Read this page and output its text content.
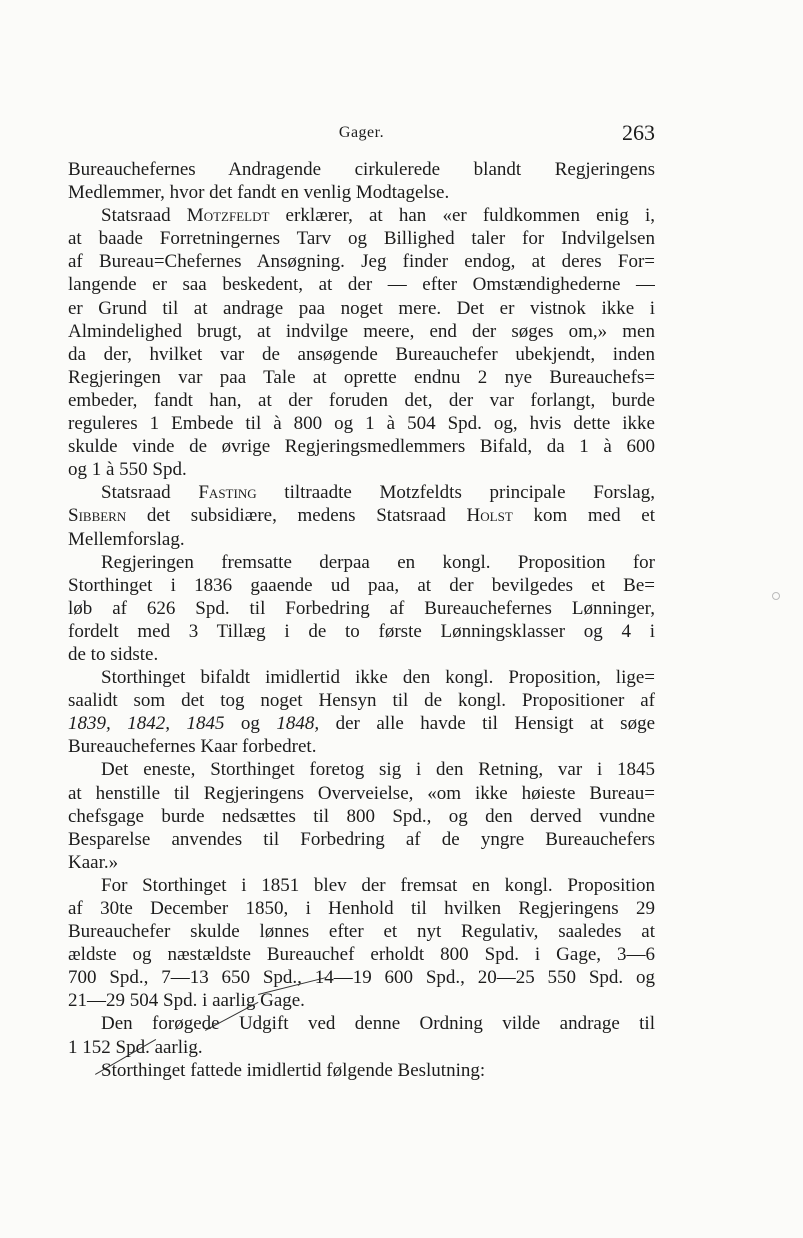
Gager.	263
Bureauchefernes Andragende cirkulerede blandt Regjeringens
Medlemmer, hvor det fandt en venlig Modtagelse.
Statsraad Motzfeldt erklærer, at han «er fuldkommen enig i,
at baade Forretningernes Tarv og Billighed taler for Indvilgelsen
af Bureau=Chefernes Ansøgning. Jeg finder endog, at deres For=
langende er saa beskedent, at der — efter Omstændighederne —
er Grund til at andrage paa noget mere. Det er vistnok ikke i
Almindelighed brugt, at indvilge meere, end der søges om,» men
da der, hvilket var de ansøgende Bureauchefer ubekjendt, inden
Regjeringen var paa Tale at oprette endnu 2 nye Bureauchefs=
embeder, fandt han, at der foruden det, der var forlangt, burde
reguleres 1 Embede til à 800 og 1 à 504 Spd. og, hvis dette ikke
skulde vinde de øvrige Regjeringsmedlemmers Bifald, da 1 à 600
og 1 à 550 Spd.
Statsraad Fasting tiltraadte Motzfeldts principale Forslag,
Sibbern det subsidiære, medens Statsraad Holst kom med et
Mellemforslag.
Regjeringen fremsatte derpaa en kongl. Proposition for
Storthinget i 1836 gaaende ud paa, at der bevilgedes et Be=
løb af 626 Spd. til Forbedring af Bureauchefernes Lønninger,
fordelt med 3 Tillæg i de to første Lønningsklasser og 4 i
de to sidste.
Storthinget bifaldt imidlertid ikke den kongl. Proposition, lige=
saalidt som det tog noget Hensyn til de kongl. Propositioner af
1839, 1842, 1845 og 1848, der alle havde til Hensigt at søge
Bureauchefernes Kaar forbedret.
Det eneste, Storthinget foretog sig i den Retning, var i 1845
at henstille til Regjeringens Overveielse, «om ikke høieste Bureau=
chefsgage burde nedsættes til 800 Spd., og den derved vundne
Besparelse anvendes til Forbedring af de yngre Bureauchefers
Kaar.»
For Storthinget i 1851 blev der fremsat en kongl. Proposition
af 30te December 1850, i Henhold til hvilken Regjeringens 29
Bureauchefer skulde lønnes efter et nyt Regulativ, saaledes at
ældste og næstældste Bureauchef erholdt 800 Spd. i Gage, 3—6
700 Spd., 7—13 650 Spd., 14—19 600 Spd., 20—25 550 Spd. og
21—29 504 Spd. i aarlig Gage.
Den forøgede Udgift ved denne Ordning vilde andrage til
1 152 Spd. aarlig.
Storthinget fattede imidlertid følgende Beslutning:
